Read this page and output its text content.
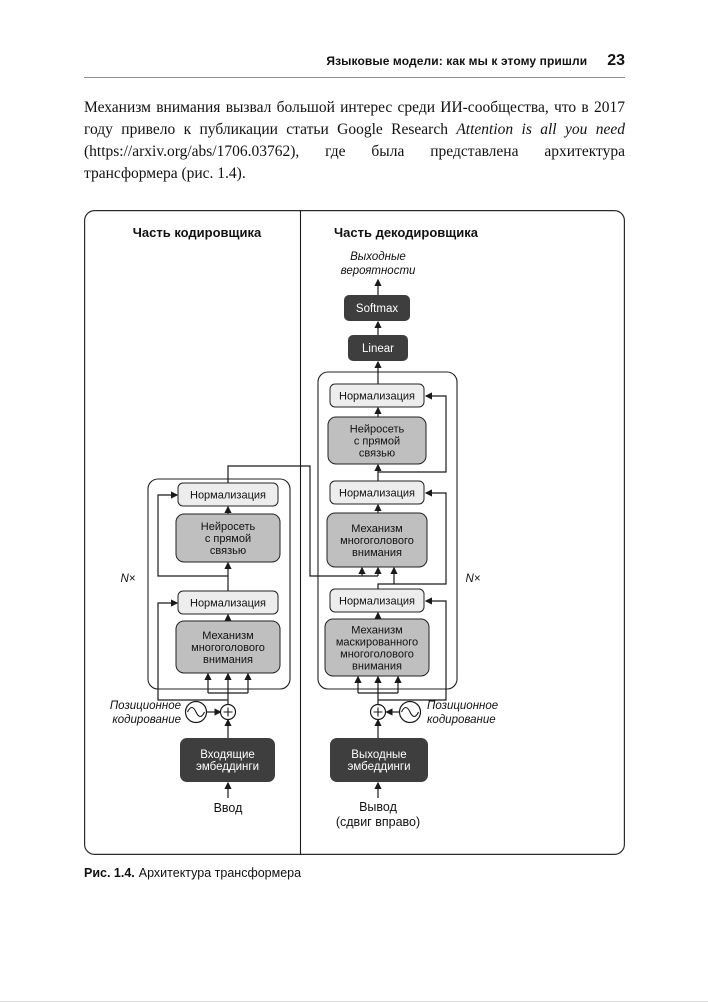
Языковые модели: как мы к этому пришли 23

Механизм внимания вызвал большой интерес среди ИИ-сообщества, что в 2017 году привело к публикации статьи Google Research Attention is all you need (https://arxiv.org/abs/1706.03762), где была представлена архитектура трансформера (рис. 1.4).

Часть кодировщика	Часть декодировщика
Выходные
вероятности
Softmax
Linear
Нормализация
Нейросеть
с прямой
связью
Нормализация
Механизм
многоголового
внимания
Нормализация
Механизм
маскированного
многоголового
внимания
Нормализация
Нейросеть
с прямой
связью
Нормализация
Механизм
многоголового
внимания
N×	N×
Позиционное
кодирование
Позиционное
кодирование
Входящие
эмбеддинги
Выходные
эмбеддинги
Ввод	Вывод
(сдвиг вправо)

Рис. 1.4. Архитектура трансформера
